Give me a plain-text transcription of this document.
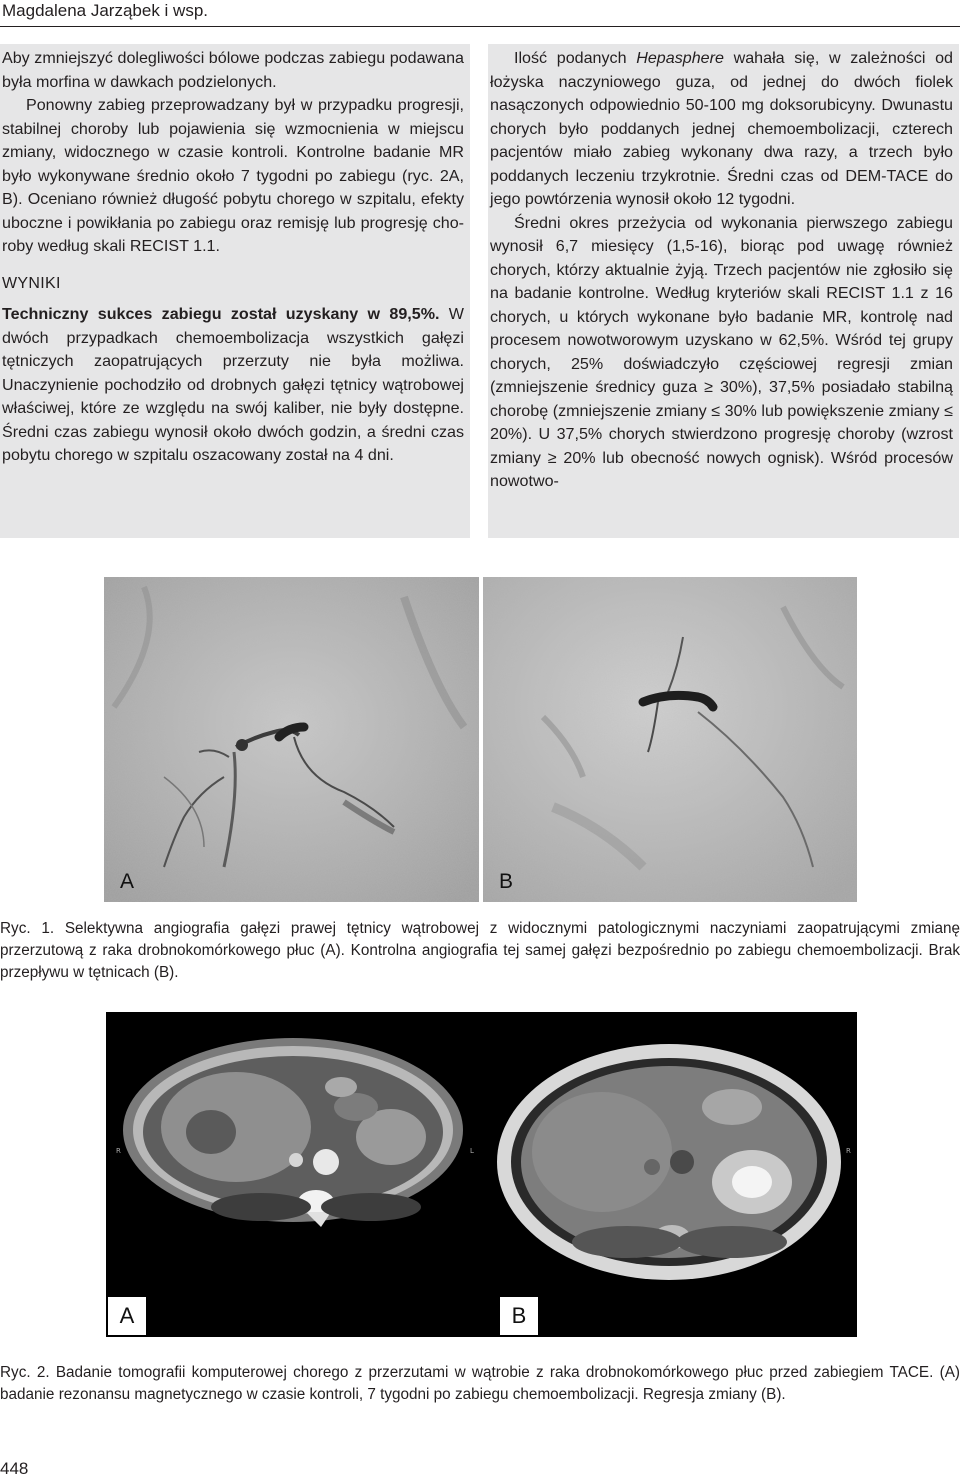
Magdalena Jarząbek i wsp.

Aby zmniejszyć dolegliwości bólowe podczas zabiegu podawana była morfina w dawkach podzielonych.

Ponowny zabieg przeprowadzany był w przypadku progresji, stabilnej choroby lub pojawienia się wzmocnienia w miejscu zmiany, widocznego w czasie kontroli. Kontrolne badanie MR było wykonywane średnio około 7 tygodni po zabiegu (ryc. 2A, B). Oceniano również długość pobytu chorego w szpitalu, efekty uboczne i powikłania po zabiegu oraz remisję lub progresję choroby według skali RECIST 1.1.

WYNIKI

Techniczny sukces zabiegu został uzyskany w 89,5%. W dwóch przypadkach chemoembolizacja wszystkich gałęzi tętniczych zaopatrujących przerzuty nie była możliwa. Unaczynienie pochodziło od drobnych gałęzi tętnicy wątrobowej właściwej, które ze względu na swój kaliber, nie były dostępne. Średni czas zabiegu wynosił około dwóch godzin, a średni czas pobytu chorego w szpitalu oszacowany został na 4 dni.

Ilość podanych Hepasphere wahała się, w zależności od łożyska naczyniowego guza, od jednej do dwóch fiolek nasączonych odpowiednio 50-100 mg doksorubicyny. Dwunastu chorych było poddanych jednej chemoembolizacji, czterech pacjentów miało zabieg wykonany dwa razy, a trzech było poddanych leczeniu trzykrotnie. Średni czas od DEM-TACE do jego powtórzenia wynosił około 12 tygodni.

Średni okres przeżycia od wykonania pierwszego zabiegu wynosił 6,7 miesięcy (1,5-16), biorąc pod uwagę również chorych, którzy aktualnie żyją. Trzech pacjentów nie zgłosiło się na badanie kontrolne. Według kryteriów skali RECIST 1.1 z 16 chorych, u których wykonane było badanie MR, kontrolę nad procesem nowotworowym uzyskano w 62,5%. Wśród tej grupy chorych, 25% doświadczyło częściowej regresji zmian (zmniejszenie średnicy guza ≥ 30%), 37,5% posiadało stabilną chorobę (zmniejszenie zmiany ≤ 30% lub powiększenie zmiany ≤ 20%). U 37,5% chorych stwierdzono progresję choroby (wzrost zmiany ≥ 20% lub obecność nowych ognisk). Wśród procesów nowotwo-

A	B
Ryc. 1. Selektywna angiografia gałęzi prawej tętnicy wątrobowej z widocznymi patologicznymi naczyniami zaopatrującymi zmianę przerzutową z raka drobnokomórkowego płuc (A). Kontrolna angiografia tej samej gałęzi bezpośrednio po zabiegu chemoembolizacji. Brak przepływu w tętnicach (B).
R	L
A
R
B
Ryc. 2. Badanie tomografii komputerowej chorego z przerzutami w wątrobie z raka drobnokomórkowego płuc przed zabiegiem TACE. (A) badanie rezonansu magnetycznego w czasie kontroli, 7 tygodni po zabiegu chemoembolizacji. Regresja zmiany (B).
448
